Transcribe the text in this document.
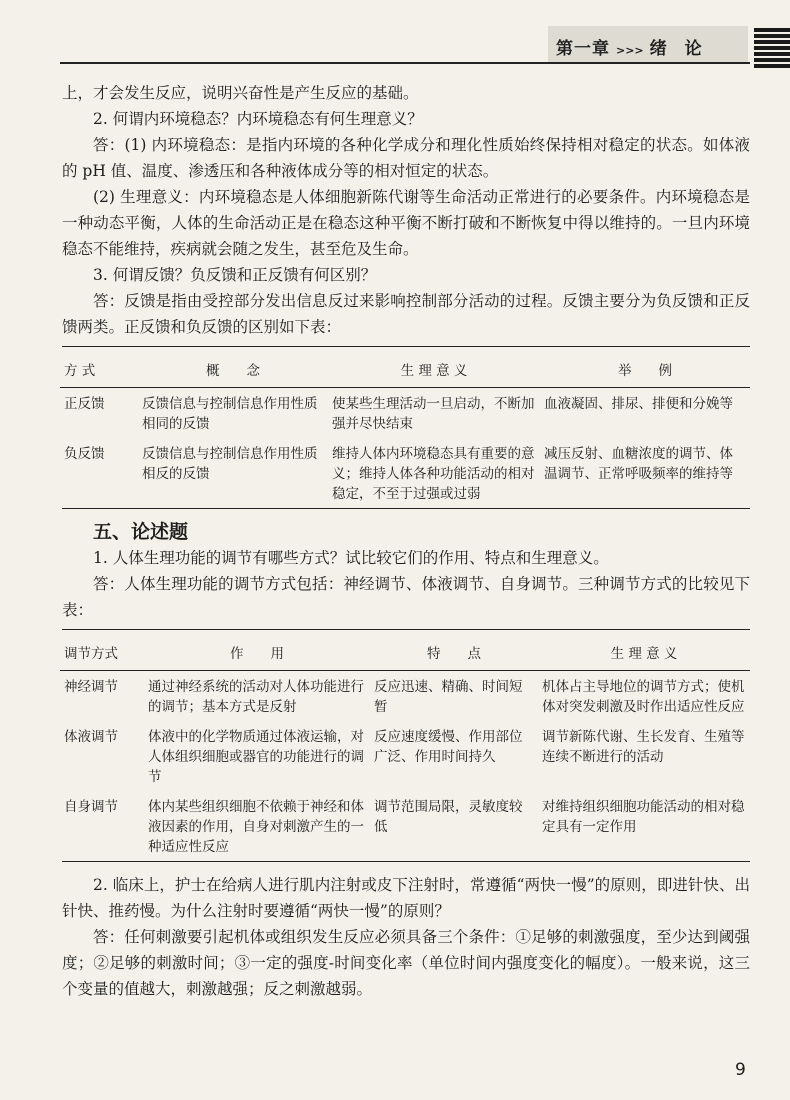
第一章 >>> 绪论

上，才会发生反应，说明兴奋性是产生反应的基础。

2. 何谓内环境稳态？内环境稳态有何生理意义？

答：(1) 内环境稳态：是指内环境的各种化学成分和理化性质始终保持相对稳定的状态。如体液的 pH 值、温度、渗透压和各种液体成分等的相对恒定的状态。

(2) 生理意义：内环境稳态是人体细胞新陈代谢等生命活动正常进行的必要条件。内环境稳态是一种动态平衡，人体的生命活动正是在稳态这种平衡不断打破和不断恢复中得以维持的。一旦内环境稳态不能维持，疾病就会随之发生，甚至危及生命。

3. 何谓反馈？负反馈和正反馈有何区别？

答：反馈是指由受控部分发出信息反过来影响控制部分活动的过程。反馈主要分为负反馈和正反馈两类。正反馈和负反馈的区别如下表：

方 式	概　　念	生 理 意 义	举　　例
正反馈	反馈信息与控制信息作用性质相同的反馈	使某些生理活动一旦启动，不断加强并尽快结束	血液凝固、排尿、排便和分娩等
负反馈	反馈信息与控制信息作用性质相反的反馈	维持人体内环境稳态具有重要的意义；维持人体各种功能活动的相对稳定，不至于过强或过弱	减压反射、血糖浓度的调节、体温调节、正常呼吸频率的维持等

五、论述题

1. 人体生理功能的调节有哪些方式？试比较它们的作用、特点和生理意义。

答：人体生理功能的调节方式包括：神经调节、体液调节、自身调节。三种调节方式的比较见下表：

调节方式	作　　用	特　　点	生 理 意 义
神经调节	通过神经系统的活动对人体功能进行的调节；基本方式是反射	反应迅速、精确、时间短暂	机体占主导地位的调节方式；使机体对突发刺激及时作出适应性反应
体液调节	体液中的化学物质通过体液运输，对人体组织细胞或器官的功能进行的调节	反应速度缓慢、作用部位广泛、作用时间持久	调节新陈代谢、生长发育、生殖等连续不断进行的活动
自身调节	体内某些组织细胞不依赖于神经和体液因素的作用，自身对刺激产生的一种适应性反应	调节范围局限，灵敏度较低	对维持组织细胞功能活动的相对稳定具有一定作用

2. 临床上，护士在给病人进行肌内注射或皮下注射时，常遵循“两快一慢”的原则，即进针快、出针快、推药慢。为什么注射时要遵循“两快一慢”的原则？

答：任何刺激要引起机体或组织发生反应必须具备三个条件：①足够的刺激强度，至少达到阈强度；②足够的刺激时间；③一定的强度-时间变化率（单位时间内强度变化的幅度）。一般来说，这三个变量的值越大，刺激越强；反之刺激越弱。

9
